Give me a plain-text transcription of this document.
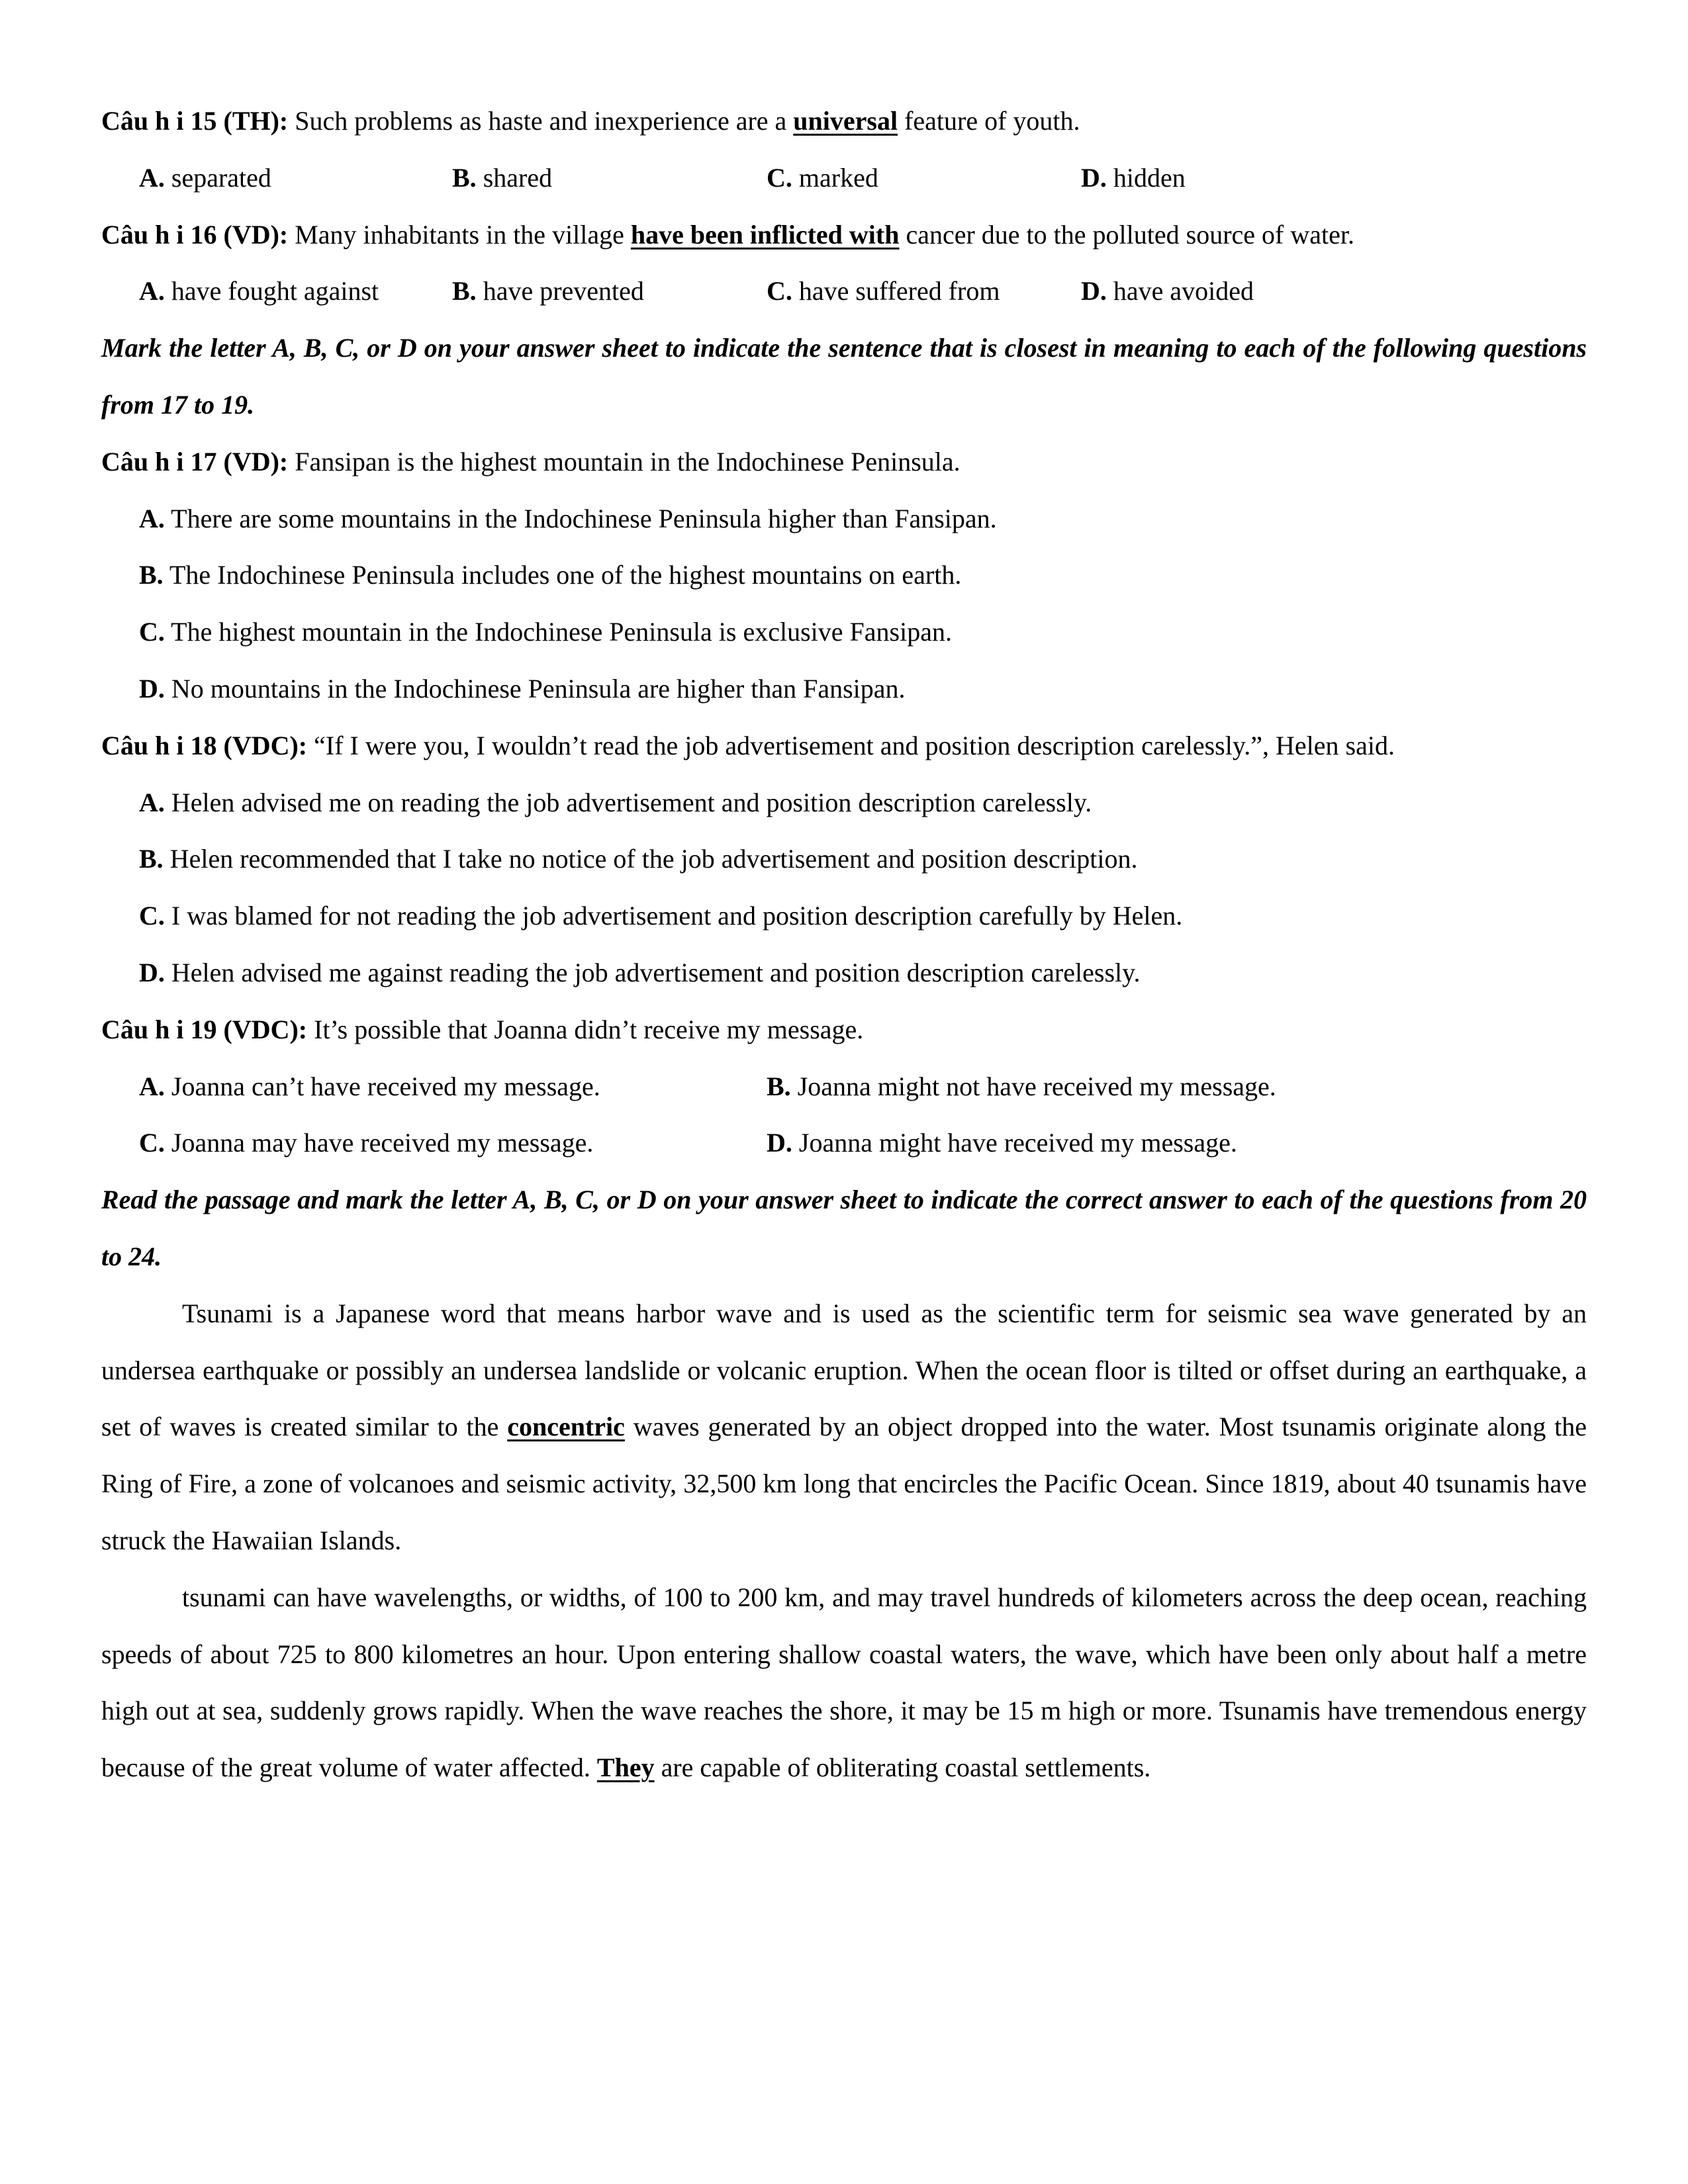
Câu h i 15 (TH): Such problems as haste and inexperience are a universal feature of youth.
A. separated	B. shared	C. marked	D. hidden
Câu h i 16 (VD): Many inhabitants in the village have been inflicted with cancer due to the polluted source of water.
A. have fought against	B. have prevented	C. have suffered from	D. have avoided
Mark the letter A, B, C, or D on your answer sheet to indicate the sentence that is closest in meaning to each of the following questions from 17 to 19.
Câu h i 17 (VD): Fansipan is the highest mountain in the Indochinese Peninsula.
A. There are some mountains in the Indochinese Peninsula higher than Fansipan.
B. The Indochinese Peninsula includes one of the highest mountains on earth.
C. The highest mountain in the Indochinese Peninsula is exclusive Fansipan.
D. No mountains in the Indochinese Peninsula are higher than Fansipan.
Câu h i 18 (VDC): “If I were you, I wouldn’t read the job advertisement and position description carelessly.”, Helen said.
A. Helen advised me on reading the job advertisement and position description carelessly.
B. Helen recommended that I take no notice of the job advertisement and position description.
C. I was blamed for not reading the job advertisement and position description carefully by Helen.
D. Helen advised me against reading the job advertisement and position description carelessly.
Câu h i 19 (VDC): It’s possible that Joanna didn’t receive my message.
A. Joanna can’t have received my message.	B. Joanna might not have received my message.
C. Joanna may have received my message.	D. Joanna might have received my message.
Read the passage and mark the letter A, B, C, or D on your answer sheet to indicate the correct answer to each of the questions from 20 to 24.

Tsunami is a Japanese word that means harbor wave and is used as the scientific term for seismic sea wave generated by an undersea earthquake or possibly an undersea landslide or volcanic eruption. When the ocean floor is tilted or offset during an earthquake, a set of waves is created similar to the concentric waves generated by an object dropped into the water. Most tsunamis originate along the Ring of Fire, a zone of volcanoes and seismic activity, 32,500 km long that encircles the Pacific Ocean. Since 1819, about 40 tsunamis have struck the Hawaiian Islands.

tsunami can have wavelengths, or widths, of 100 to 200 km, and may travel hundreds of kilometers across the deep ocean, reaching speeds of about 725 to 800 kilometres an hour. Upon entering shallow coastal waters, the wave, which have been only about half a metre high out at sea, suddenly grows rapidly. When the wave reaches the shore, it may be 15 m high or more. Tsunamis have tremendous energy because of the great volume of water affected. They are capable of obliterating coastal settlements.
